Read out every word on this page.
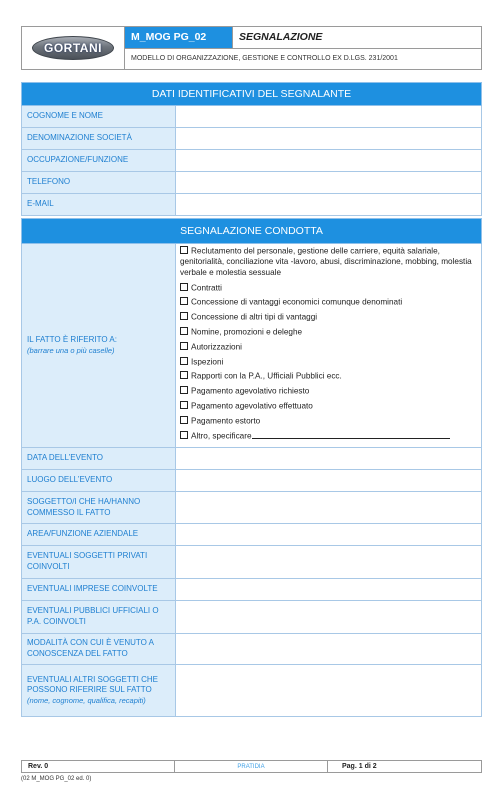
GORTANI
M_MOG PG_02	SEGNALAZIONE
MODELLO DI ORGANIZZAZIONE, GESTIONE E CONTROLLO EX D.LGS. 231/2001
DATI IDENTIFICATIVI DEL SEGNALANTE
COGNOME E NOME
DENOMINAZIONE SOCIETÀ
OCCUPAZIONE/FUNZIONE
TELEFONO
E-MAIL
SEGNALAZIONE CONDOTTA
IL FATTO È RIFERITO A:
(barrare una o più caselle)
Reclutamento del personale, gestione delle carriere, equità salariale, genitorialità, conciliazione vita -lavoro, abusi, discriminazione, mobbing, molestia verbale e molestia sessuale
Contratti
Concessione di vantaggi economici comunque denominati
Concessione di altri tipi di vantaggi
Nomine, promozioni e deleghe
Autorizzazioni
Ispezioni
Rapporti con la P.A., Ufficiali Pubblici ecc.
Pagamento agevolativo richiesto
Pagamento agevolativo effettuato
Pagamento estorto
Altro, specificare
DATA DELL’EVENTO
LUOGO DELL’EVENTO
SOGGETTO/I CHE HA/HANNO COMMESSO IL FATTO
AREA/FUNZIONE AZIENDALE
EVENTUALI SOGGETTI PRIVATI COINVOLTI
EVENTUALI IMPRESE COINVOLTE
EVENTUALI PUBBLICI UFFICIALI O P.A. COINVOLTI
MODALITÀ CON CUI È VENUTO A CONOSCENZA DEL FATTO
EVENTUALI ALTRI SOGGETTI CHE POSSONO RIFERIRE SUL FATTO
(nome, cognome, qualifica, recapiti)
Rev. 0	PRATIDIA	Pag. 1 di 2
(02 M_MOG PG_02 ed. 0)
